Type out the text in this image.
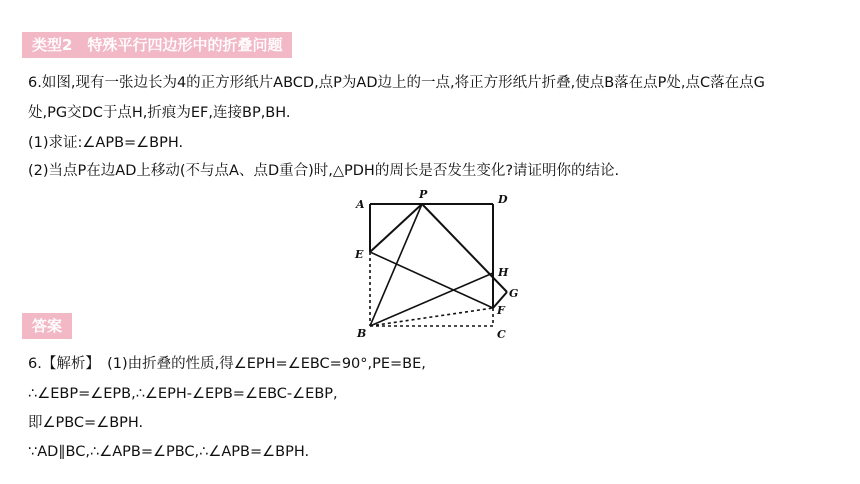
类型2　特殊平行四边形中的折叠问题
6.如图,现有一张边长为4的正方形纸片ABCD,点P为AD边上的一点,将正方形纸片折叠,使点B落在点P处,点C落在点G
处,PG交DC于点H,折痕为EF,连接BP,BH.
(1)求证:∠APB=∠BPH.
(2)当点P在边AD上移动(不与点A、点D重合)时,△PDH的周长是否发生变化?请证明你的结论.
A
P	D
E
H
G
F
B	C
答案
6.【解析】　(1)由折叠的性质,得∠EPH=∠EBC=90°,PE=BE,
∴∠EBP=∠EPB,∴∠EPH-∠EPB=∠EBC-∠EBP,
即∠PBC=∠BPH.
∵AD∥BC,∴∠APB=∠PBC,∴∠APB=∠BPH.
